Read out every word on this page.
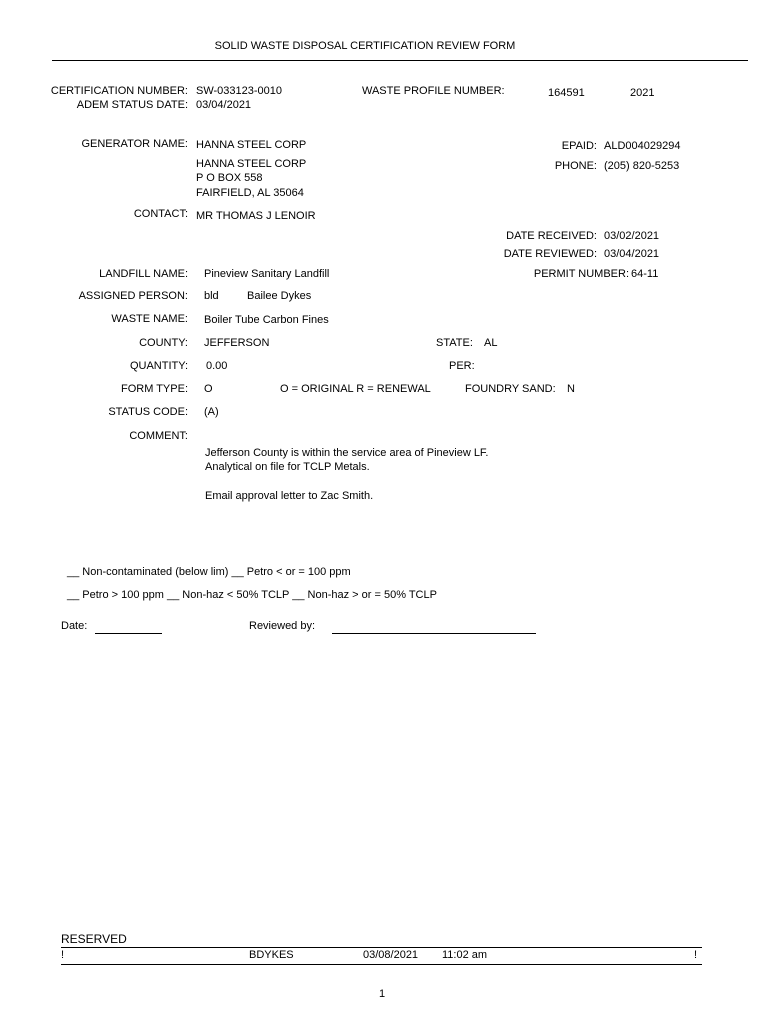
SOLID WASTE DISPOSAL CERTIFICATION REVIEW FORM
CERTIFICATION NUMBER: SW-033123-0010
ADEM STATUS DATE: 03/04/2021
WASTE PROFILE NUMBER:	164591	2021
GENERATOR NAME: HANNA STEEL CORP
HANNA STEEL CORP
P O BOX 558
FAIRFIELD, AL 35064
EPAID: ALD004029294
PHONE: (205) 820-5253
CONTACT: MR THOMAS J LENOIR
DATE RECEIVED: 03/02/2021
DATE REVIEWED: 03/04/2021
PERMIT NUMBER: 64-11
LANDFILL NAME: Pineview Sanitary Landfill
ASSIGNED PERSON: bld	Bailee Dykes
WASTE NAME: Boiler Tube Carbon Fines
COUNTY: JEFFERSON	STATE: AL
QUANTITY: 0.00	PER:
FORM TYPE: O	O = ORIGINAL R = RENEWAL	FOUNDRY SAND: N
STATUS CODE: (A)
COMMENT:
Jefferson County is within the service area of Pineview LF.
Analytical on file for TCLP Metals.
Email approval letter to Zac Smith.
__ Non-contaminated (below lim) __ Petro < or = 100 ppm
__ Petro > 100 ppm __ Non-haz < 50% TCLP __ Non-haz > or = 50% TCLP
Date:	Reviewed by:
RESERVED
!	BDYKES	03/08/2021 11:02 am	!
1
